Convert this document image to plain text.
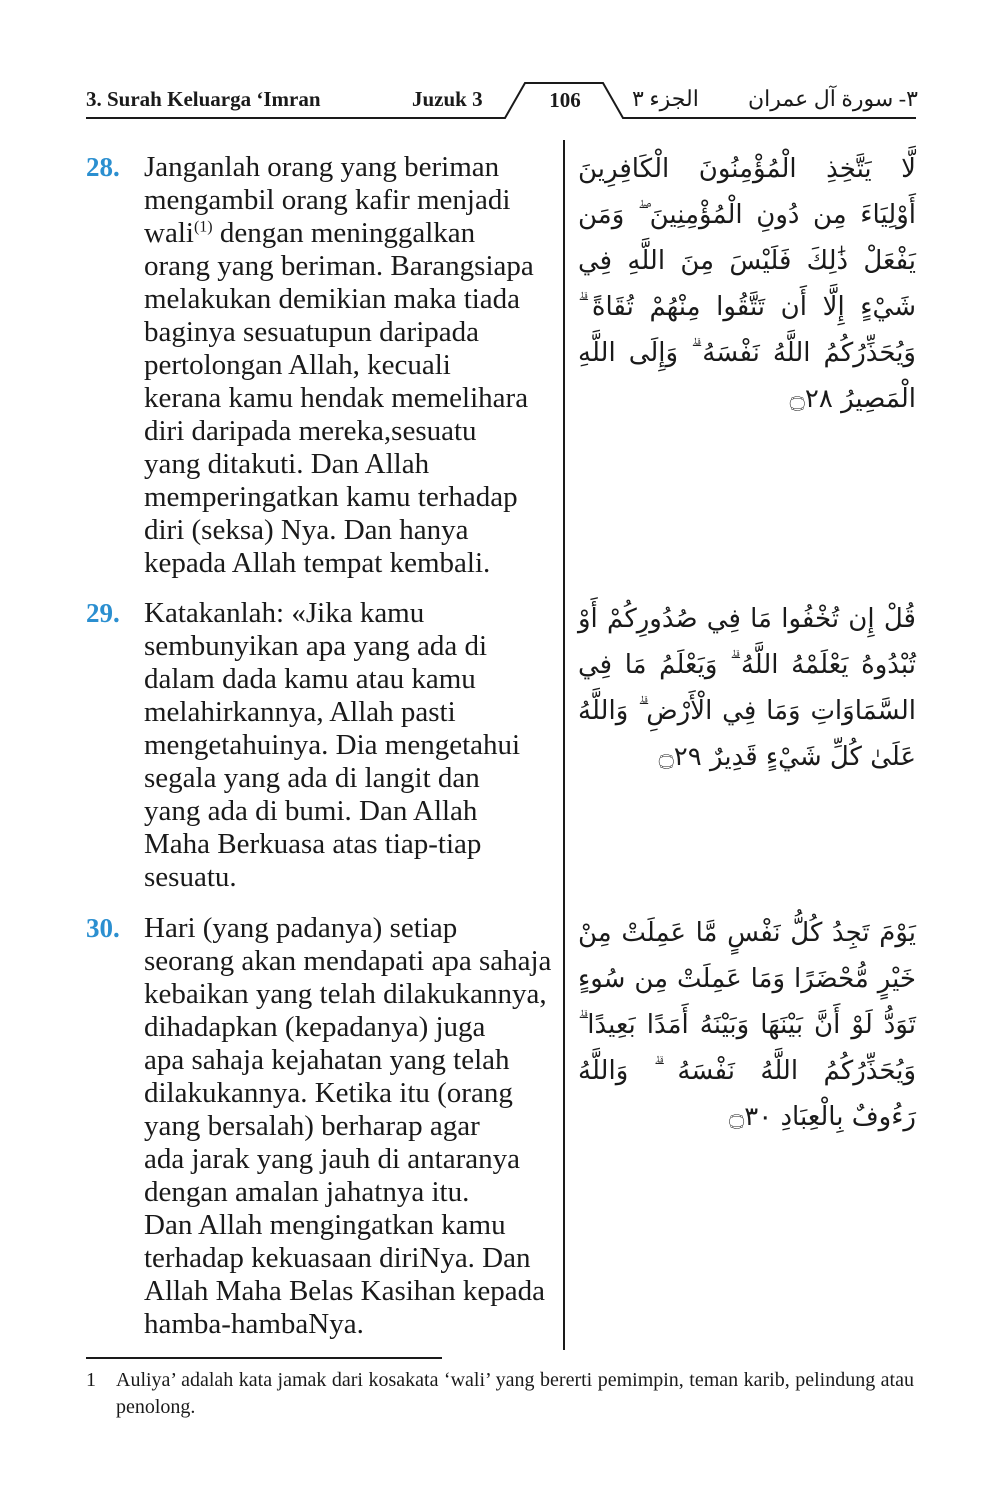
3. Surah Keluarga ‘Imran	Juzuk 3	106	الجزء ٣ ٣- سورة آل عمران
28. Janganlah orang yang beriman
mengambil orang kafir menjadi
wali$^{(1)}$ dengan meninggalkan
orang yang beriman. Barangsiapa
melakukan demikian maka tiada
baginya sesuatupun daripada
pertolongan Allah, kecuali
kerana kamu hendak memelihara
diri daripada mereka,sesuatu
yang ditakuti. Dan Allah
memperingatkan kamu terhadap
diri (seksa) Nya. Dan hanya
kepada Allah tempat kembali.
29. Katakanlah: «Jika kamu
sembunyikan apa yang ada di
dalam dada kamu atau kamu
melahirkannya, Allah pasti
mengetahuinya. Dia mengetahui
segala yang ada di langit dan
yang ada di bumi. Dan Allah
Maha Berkuasa atas tiap-tiap
sesuatu.
30. Hari (yang padanya) setiap
seorang akan mendapati apa sahaja
kebaikan yang telah dilakukannya,
dihadapkan (kepadanya) juga
apa sahaja kejahatan yang telah
dilakukannya. Ketika itu (orang
yang bersalah) berharap agar
ada jarak yang jauh di antaranya
dengan amalan jahatnya itu.
Dan Allah mengingatkan kamu
terhadap kekuasaan diriNya. Dan
Allah Maha Belas Kasihan kepada
hamba-hambaNya.
لَّا يَتَّخِذِ الْمُؤْمِنُونَ الْكَافِرِينَ أَوْلِيَاءَ مِن دُونِ الْمُؤْمِنِينَ ۖ وَمَن يَفْعَلْ ذَٰلِكَ فَلَيْسَ مِنَ اللَّهِ فِي شَيْءٍ إِلَّا أَن تَتَّقُوا مِنْهُمْ تُقَاةً ۗ وَيُحَذِّرُكُمُ اللَّهُ نَفْسَهُ ۗ وَإِلَى اللَّهِ الْمَصِيرُ ۝٢٨
قُلْ إِن تُخْفُوا مَا فِي صُدُورِكُمْ أَوْ تُبْدُوهُ يَعْلَمْهُ اللَّهُ ۗ وَيَعْلَمُ مَا فِي السَّمَاوَاتِ وَمَا فِي الْأَرْضِ ۗ وَاللَّهُ عَلَىٰ كُلِّ شَيْءٍ قَدِيرٌ ۝٢٩
يَوْمَ تَجِدُ كُلُّ نَفْسٍ مَّا عَمِلَتْ مِنْ خَيْرٍ مُّحْضَرًا وَمَا عَمِلَتْ مِن سُوءٍ تَوَدُّ لَوْ أَنَّ بَيْنَهَا وَبَيْنَهُ أَمَدًا بَعِيدًا ۗ وَيُحَذِّرُكُمُ اللَّهُ نَفْسَهُ ۗ وَاللَّهُ رَءُوفٌ بِالْعِبَادِ ۝٣٠
1 Auliya’ adalah kata jamak dari kosakata ‘wali’ yang bererti pemimpin, teman karib, pelindung atau penolong.
